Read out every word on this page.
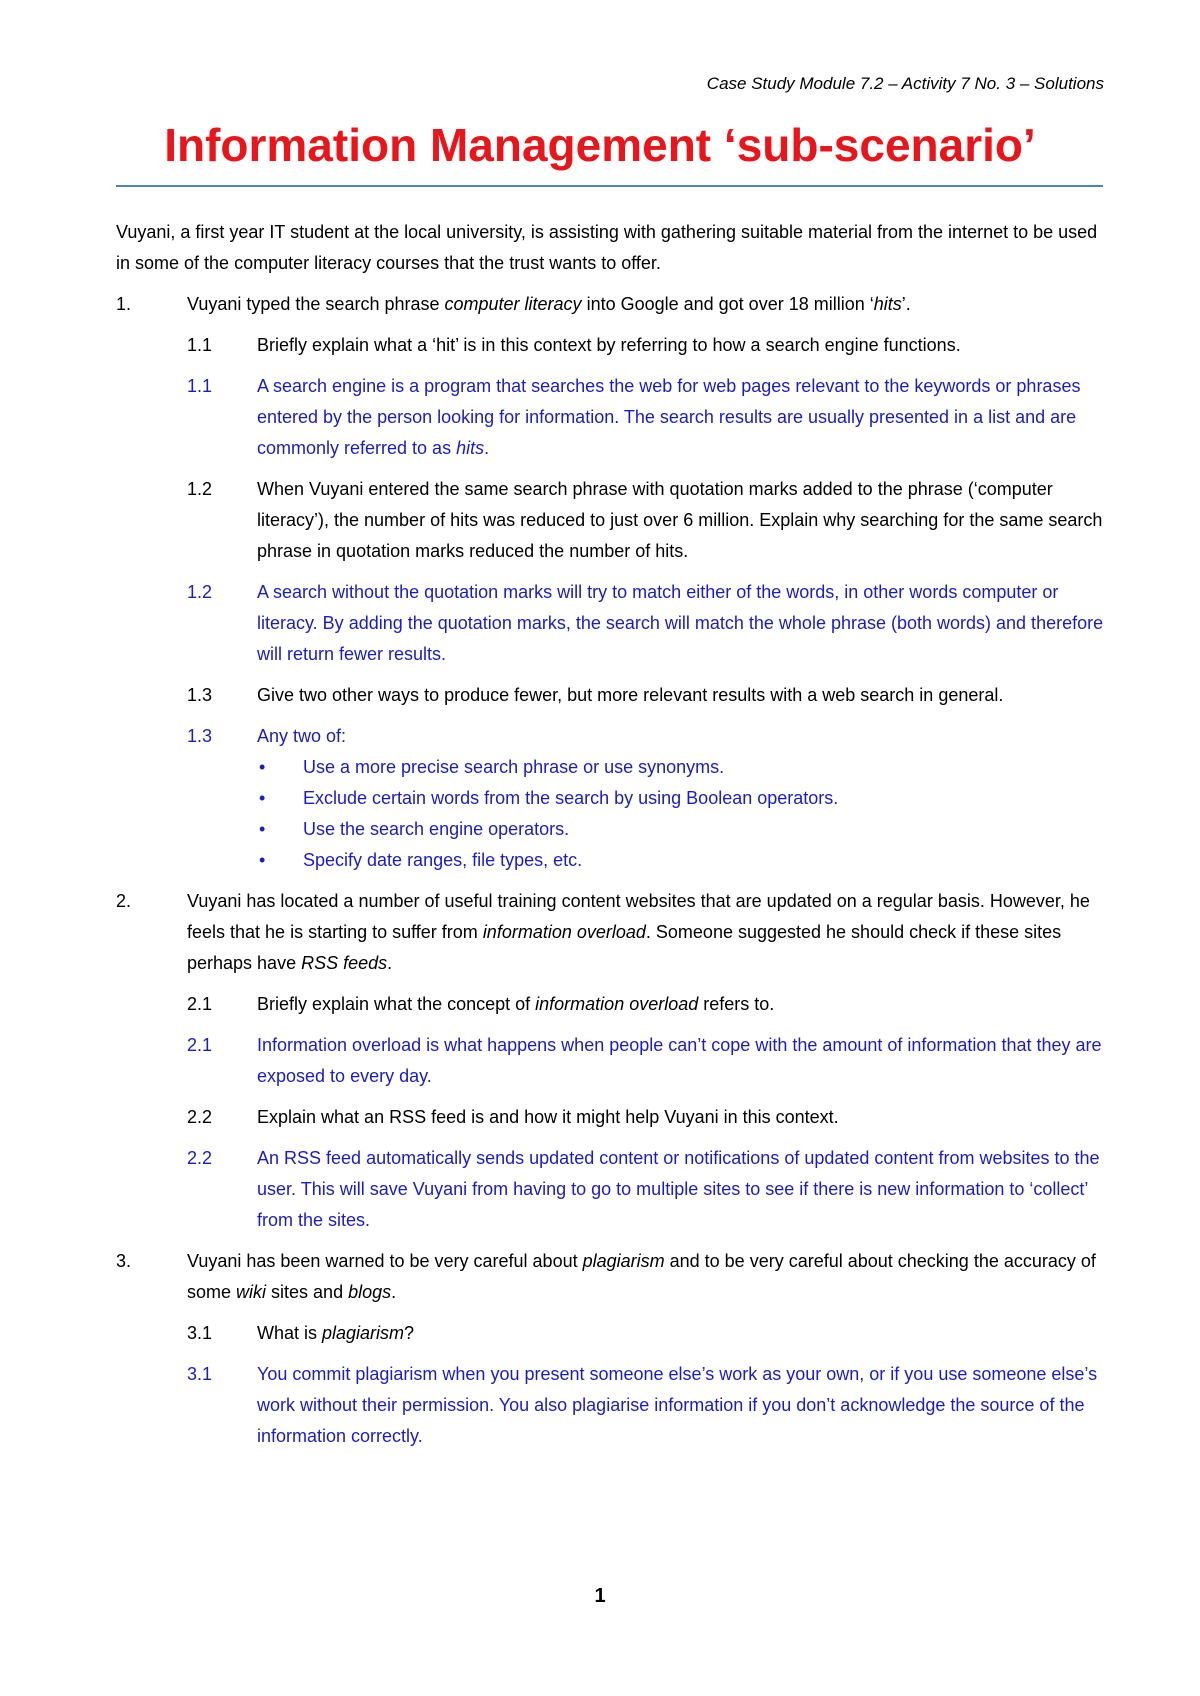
Case Study Module 7.2 – Activity 7 No. 3 – Solutions
Information Management ‘sub-scenario’

Vuyani, a first year IT student at the local university, is assisting with gathering suitable material from the internet to be used in some of the computer literacy courses that the trust wants to offer.

1.	Vuyani typed the search phrase computer literacy into Google and got over 18 million ‘hits’.
1.1	Briefly explain what a ‘hit’ is in this context by referring to how a search engine functions.
1.1	A search engine is a program that searches the web for web pages relevant to the keywords or phrases entered by the person looking for information. The search results are usually presented in a list and are commonly referred to as hits.
1.2	When Vuyani entered the same search phrase with quotation marks added to the phrase (‘computer literacy’), the number of hits was reduced to just over 6 million. Explain why searching for the same search phrase in quotation marks reduced the number of hits.
1.2	A search without the quotation marks will try to match either of the words, in other words computer or literacy. By adding the quotation marks, the search will match the whole phrase (both words) and therefore will return fewer results.
1.3	Give two other ways to produce fewer, but more relevant results with a web search in general.
1.3	Any two of:
•	Use a more precise search phrase or use synonyms.
•	Exclude certain words from the search by using Boolean operators.
•	Use the search engine operators.
•	Specify date ranges, file types, etc.
2.	Vuyani has located a number of useful training content websites that are updated on a regular basis. However, he feels that he is starting to suffer from information overload. Someone suggested he should check if these sites perhaps have RSS feeds.
2.1	Briefly explain what the concept of information overload refers to.
2.1	Information overload is what happens when people can’t cope with the amount of information that they are exposed to every day.
2.2	Explain what an RSS feed is and how it might help Vuyani in this context.
2.2	An RSS feed automatically sends updated content or notifications of updated content from websites to the user. This will save Vuyani from having to go to multiple sites to see if there is new information to ‘collect’ from the sites.
3.	Vuyani has been warned to be very careful about plagiarism and to be very careful about checking the accuracy of some wiki sites and blogs.
3.1	What is plagiarism?
3.1	You commit plagiarism when you present someone else’s work as your own, or if you use someone else’s work without their permission. You also plagiarise information if you don’t acknowledge the source of the information correctly.
1
